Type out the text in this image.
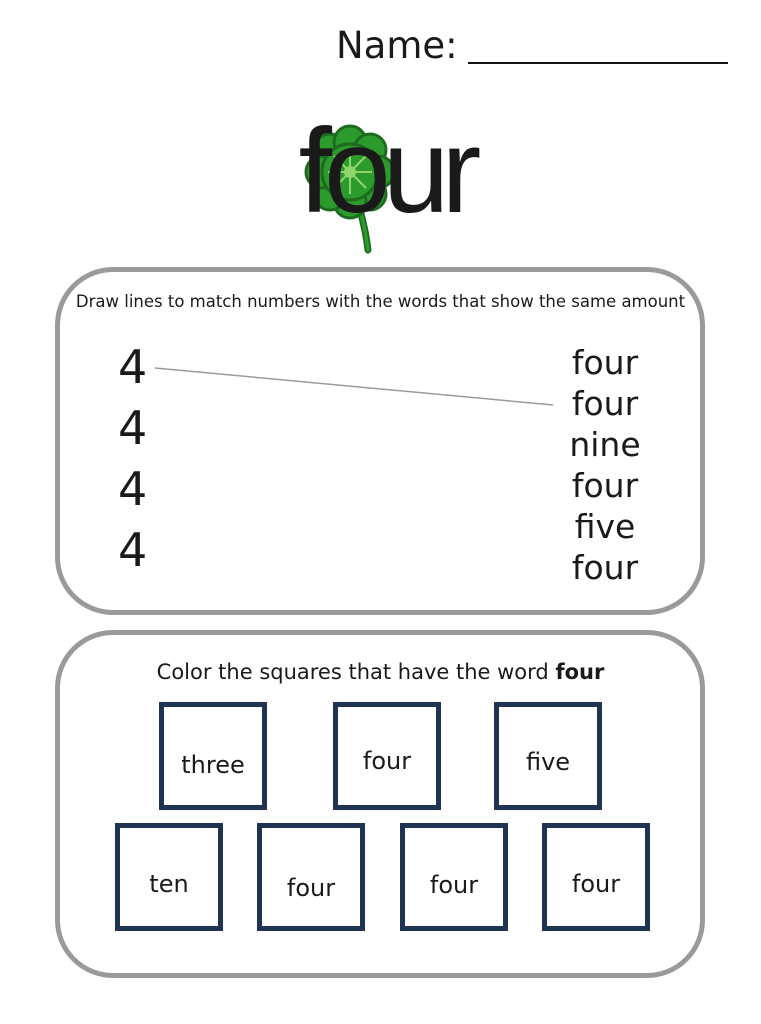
Name:
four
Draw lines to match numbers with the words that show the same amount
4
4
4
4
four
four
nine
four
five
four
Color the squares that have the word four
three	four	five
ten	four	four	four
